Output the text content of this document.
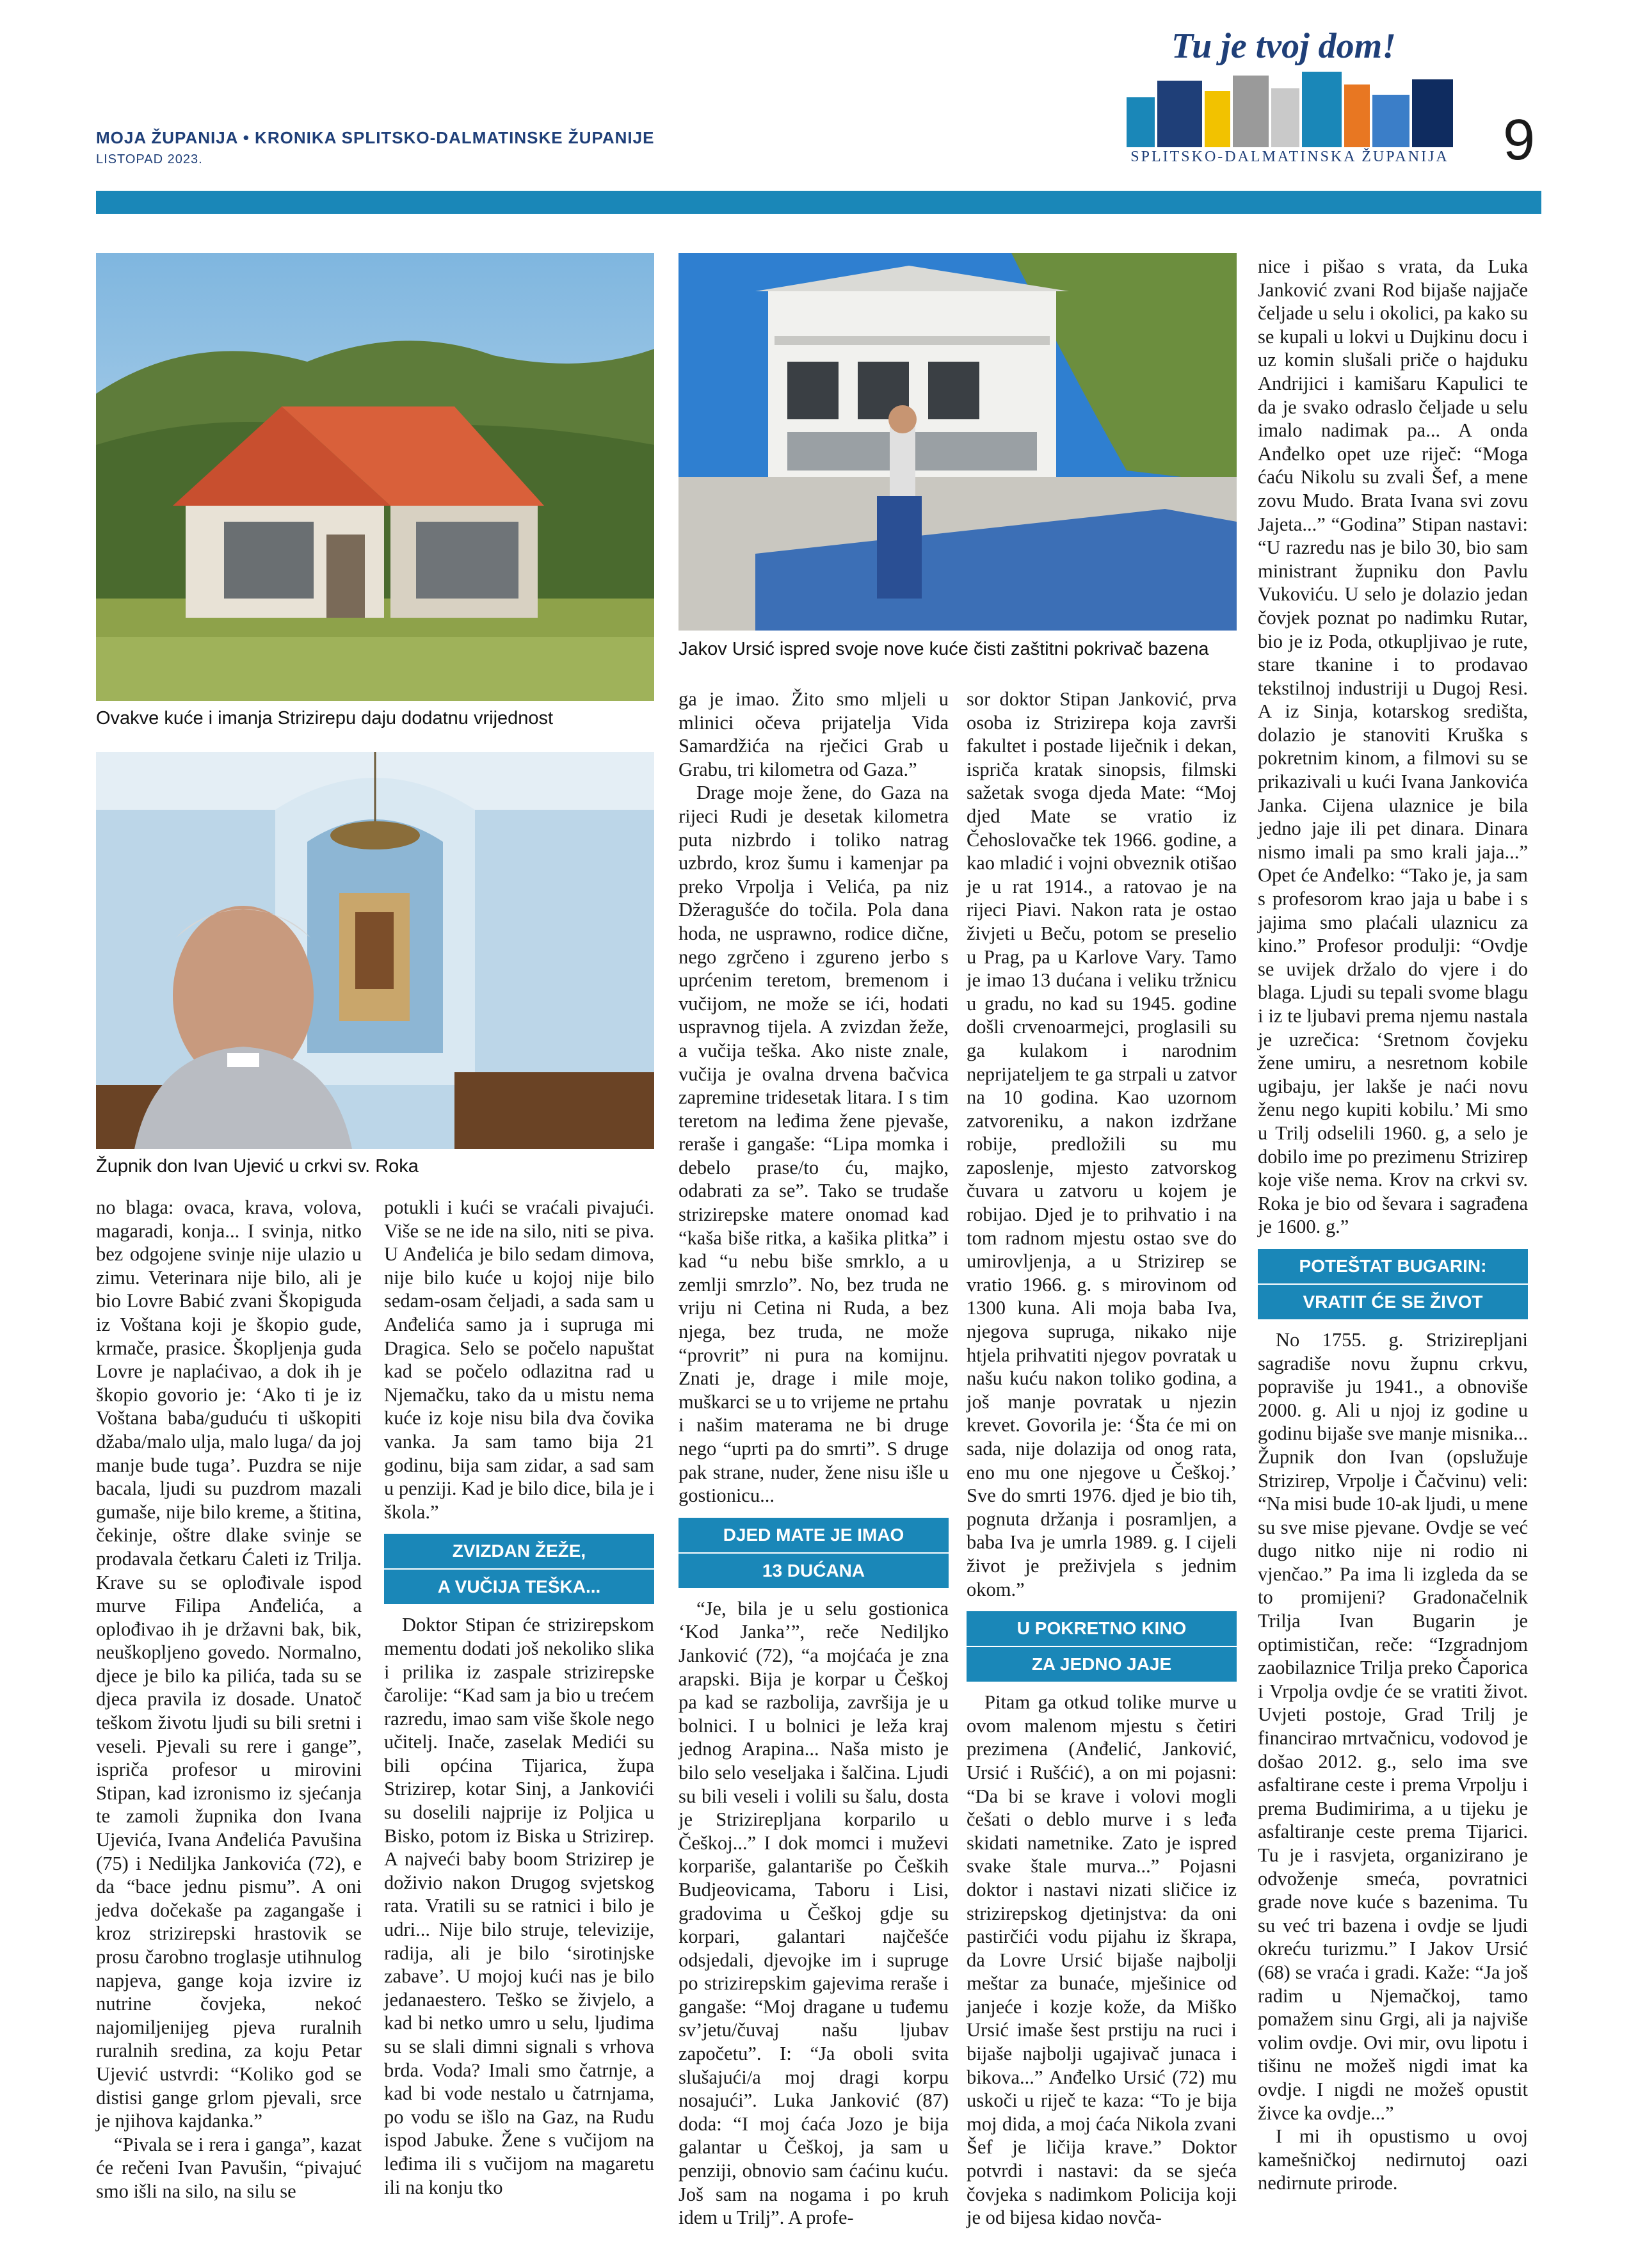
MOJA ŽUPANIJA • KRONIKA SPLITSKO-DALMATINSKE ŽUPANIJE
LISTOPAD 2023.
Tu je tvoj dom!
SPLITSKO-DALMATINSKA ŽUPANIJA 9
Ovakve kuće i imanja Strizirepu daju dodatnu vrijednost
Župnik don Ivan Ujević u crkvi sv. Roka
Jakov Ursić ispred svoje nove kuće čisti zaštitni pokrivač bazena

no blaga: ovaca, krava, volova, magaradi, konja... I svinja, nitko bez odgojene svinje nije ulazio u zimu. Veterinara nije bilo, ali je bio Lovre Babić zvani Škopiguda iz Voštana koji je škopio gude, krmače, prasice. Škopljenja guda Lovre je naplaćivao, a dok ih je škopio govorio je: ‘Ako ti je iz Voštana baba/guduću ti uškopiti džaba/malo ulja, malo luga/ da joj manje bude tuga’. Puzdra se nije bacala, ljudi su puzdrom mazali gumaše, nije bilo kreme, a štitina, čekinje, oštre dlake svinje se prodavala četkaru Ćaleti iz Trilja. Krave su se oplođivale ispod murve Filipa Anđelića, a oplođivao ih je državni bak, bik, neuškopljeno govedo. Normalno, djece je bilo ka pilića, tada su se djeca pravila iz dosade. Unatoč teškom životu ljudi su bili sretni i veseli. Pjevali su rere i gange”, ispriča profesor u mirovini Stipan, kad izronismo iz sjećanja te zamoli župnika don Ivana Ujevića, Ivana Anđelića Pavušina (75) i Nediljka Jankovića (72), e da “bace jednu pismu”. A oni jedva dočekaše pa zagangaše i kroz strizirepski hrastovik se prosu čarobno troglasje utihnulog napjeva, gange koja izvire iz nutrine čovjeka, nekoć najomiljenijeg pjeva ruralnih ruralnih sredina, za koju Petar Ujević ustvrdi: “Koliko god se distisi gange grlom pjevali, srce je njihova kajdanka.”

“Pivala se i rera i ganga”, kazat će rečeni Ivan Pavušin, “pivajuć smo išli na silo, na silu se

potukli i kući se vraćali pivajući. Više se ne ide na silo, niti se piva. U Anđelića je bilo sedam dimova, nije bilo kuće u kojoj nije bilo sedam-osam čeljadi, a sada sam u Anđelića samo ja i supruga mi Dragica. Selo se počelo napuštat kad se počelo odlazitna rad u Njemačku, tako da u mistu nema kuće iz koje nisu bila dva čovika vanka. Ja sam tamo bija 21 godinu, bija sam zidar, a sad sam u penziji. Kad je bilo dice, bila je i škola.”

ZVIZDAN ŽEŽE,
A VUČIJA TEŠKA...

Doktor Stipan će strizirepskom mementu dodati još nekoliko slika i prilika iz zaspale strizirepske čarolije: “Kad sam ja bio u trećem razredu, imao sam više škole nego učitelj. Inače, zaselak Medići su bili općina Tijarica, župa Strizirep, kotar Sinj, a Jankovići su doselili najprije iz Poljica u Bisko, potom iz Biska u Strizirep. A najveći baby boom Strizirep je doživio nakon Drugog svjetskog rata. Vratili su se ratnici i bilo je udri... Nije bilo struje, televizije, radija, ali je bilo ‘sirotinjske zabave’. U mojoj kući nas je bilo jedanaestero. Teško se živjelo, a kad bi netko umro u selu, ljudima su se slali dimni signali s vrhova brda. Voda? Imali smo čatrnje, a kad bi vode nestalo u čatrnjama, po vodu se išlo na Gaz, na Rudu ispod Jabuke. Žene s vučijom na leđima ili s vučijom na magaretu ili na konju tko

ga je imao. Žito smo mljeli u mlinici očeva prijatelja Vida Samardžića na rječici Grab u Grabu, tri kilometra od Gaza.”

Drage moje žene, do Gaza na rijeci Rudi je desetak kilometra puta nizbrdo i toliko natrag uzbrdo, kroz šumu i kamenjar pa preko Vrpolja i Velića, pa niz Džeragušće do točila. Pola dana hoda, ne usprawno, rodice dične, nego zgrčeno i zgureno jerbo s uprćenim teretom, bremenom i vučijom, ne može se ići, hodati uspravnog tijela. A zvizdan žeže, a vučija teška. Ako niste znale, vučija je ovalna drvena bačvica zapremine tridesetak litara. I s tim teretom na leđima žene pjevaše, reraše i gangaše: “Lipa momka i debelo prase/to ću, majko, odabrati za se”. Tako se trudaše strizirepske matere onomad kad “kaša biše ritka, a kašika plitka” i kad “u nebu biše smrklo, a u zemlji smrzlo”. No, bez truda ne vriju ni Cetina ni Ruda, a bez njega, bez truda, ne može “provrit” ni pura na komijnu. Znati je, drage i mile moje, muškarci se u to vrijeme ne prtahu i našim materama ne bi druge nego “uprti pa do smrti”. S druge pak strane, nuder, žene nisu išle u gostionicu...

DJED MATE JE IMAO
13 DUĆANA

“Je, bila je u selu gostionica ‘Kod Janka’”, reče Nediljko Janković (72), “a mojćaća je zna arapski. Bija je korpar u Češkoj pa kad se razbolija, završija je u bolnici. I u bolnici je leža kraj jednog Arapina... Naša misto je bilo selo veseljaka i šalčina. Ljudi su bili veseli i volili su šalu, dosta je Strizirepljana korparilo u Češkoj...” I dok momci i muževi korpariše, galantariše po Čeških Budjeovicama, Taboru i Lisi, gradovima u Češkoj gdje su korpari, galantari najčešće odsjedali, djevojke im i supruge po strizirepskim gajevima reraše i gangaše: “Moj dragane u tuđemu sv’jetu/čuvaj našu ljubav započetu”. I: “Ja oboli svita slušajući/a moj dragi korpu nosajući”. Luka Janković (87) doda: “I moj ćaća Jozo je bija galantar u Češkoj, ja sam u penziji, obnovio sam ćaćinu kuću. Još sam na nogama i po kruh idem u Trilj”. A profe-

sor doktor Stipan Janković, prva osoba iz Strizirepa koja završi fakultet i postade liječnik i dekan, ispriča kratak sinopsis, filmski sažetak svoga djeda Mate: “Moj djed Mate se vratio iz Čehoslovačke tek 1966. godine, a kao mladić i vojni obveznik otišao je u rat 1914., a ratovao je na rijeci Piavi. Nakon rata je ostao živjeti u Beču, potom se preselio u Prag, pa u Karlove Vary. Tamo je imao 13 dućana i veliku tržnicu u gradu, no kad su 1945. godine došli crvenoarmejci, proglasili su ga kulakom i narodnim neprijateljem te ga strpali u zatvor na 10 godina. Kao uzornom zatvoreniku, a nakon izdržane robije, predložili su mu zaposlenje, mjesto zatvorskog čuvara u zatvoru u kojem je robijao. Djed je to prihvatio i na tom radnom mjestu ostao sve do umirovljenja, a u Strizirep se vratio 1966. g. s mirovinom od 1300 kuna. Ali moja baba Iva, njegova supruga, nikako nije htjela prihvatiti njegov povratak u našu kuću nakon toliko godina, a još manje povratak u njezin krevet. Govorila je: ‘Šta će mi on sada, nije dolazija od onog rata, eno mu one njegove u Češkoj.’ Sve do smrti 1976. djed je bio tih, pognuta držanja i posramljen, a baba Iva je umrla 1989. g. I cijeli život je preživjela s jednim okom.”

U POKRETNO KINO
ZA JEDNO JAJE

Pitam ga otkud tolike murve u ovom malenom mjestu s četiri prezimena (Anđelić, Janković, Ursić i Rušćić), a on mi pojasni: “Da bi se krave i volovi mogli češati o deblo murve i s leđa skidati nametnike. Zato je ispred svake štale murva...” Pojasni doktor i nastavi nizati sličice iz strizirepskog djetinjstva: da oni pastirčići vodu pijahu iz škrapa, da Lovre Ursić bijaše najbolji meštar za bunaće, mješinice od janjeće i kozje kože, da Miško Ursić imaše šest prstiju na ruci i bijaše najbolji ugajivač junaca i bikova...” Anđelko Ursić (72) mu uskoči u riječ te kaza: “To je bija moj dida, a moj ćaća Nikola zvani Šef je ličija krave.” Doktor potvrdi i nastavi: da se sjeća čovjeka s nadimkom Policija koji je od bijesa kidao novča-

nice i pišao s vrata, da Luka Janković zvani Rod bijaše najjače čeljade u selu i okolici, pa kako su se kupali u lokvi u Dujkinu docu i uz komin slušali priče o hajduku Andrijici i kamišaru Kapulici te da je svako odraslo čeljade u selu imalo nadimak pa... A onda Anđelko opet uze riječ: “Moga ćaću Nikolu su zvali Šef, a mene zovu Mudo. Brata Ivana svi zovu Jajeta...” “Godina” Stipan nastavi: “U razredu nas je bilo 30, bio sam ministrant župniku don Pavlu Vukoviću. U selo je dolazio jedan čovjek poznat po nadimku Rutar, bio je iz Poda, otkupljivao je rute, stare tkanine i to prodavao tekstilnoj industriji u Dugoj Resi. A iz Sinja, kotarskog središta, dolazio je stanoviti Kruška s pokretnim kinom, a filmovi su se prikazivali u kući Ivana Jankovića Janka. Cijena ulaznice je bila jedno jaje ili pet dinara. Dinara nismo imali pa smo krali jaja...” Opet će Anđelko: “Tako je, ja sam s profesorom krao jaja u babe i s jajima smo plaćali ulaznicu za kino.” Profesor produlji: “Ovdje se uvijek držalo do vjere i do blaga. Ljudi su tepali svome blagu i iz te ljubavi prema njemu nastala je uzrečica: ‘Sretnom čovjeku žene umiru, a nesretnom kobile ugibaju, jer lakše je naći novu ženu nego kupiti kobilu.’ Mi smo u Trilj odselili 1960. g, a selo je dobilo ime po prezimenu Strizirep koje više nema. Krov na crkvi sv. Roka je bio od ševara i sagrađena je 1600. g.”

POTEŠTAT BUGARIN:
VRATIT ĆE SE ŽIVOT

No 1755. g. Strizirepljani sagradiše novu župnu crkvu, popraviše ju 1941., a obnoviše 2000. g. Ali u njoj iz godine u godinu bijaše sve manje misnika... Župnik don Ivan (opslužuje Strizirep, Vrpolje i Čačvinu) veli: “Na misi bude 10-ak ljudi, u mene su sve mise pjevane. Ovdje se već dugo nitko nije ni rodio ni vjenčao.” Pa ima li izgleda da se to promijeni? Gradonačelnik Trilja Ivan Bugarin je optimističan, reče: “Izgradnjom zaobilaznice Trilja preko Čaporica i Vrpolja ovdje će se vratiti život. Uvjeti postoje, Grad Trilj je financirao mrtvačnicu, vodovod je došao 2012. g., selo ima sve asfaltirane ceste i prema Vrpolju i prema Budimirima, a u tijeku je asfaltiranje ceste prema Tijarici. Tu je i rasvjeta, organizirano je odvoženje smeća, povratnici grade nove kuće s bazenima. Tu su već tri bazena i ovdje se ljudi okreću turizmu.” I Jakov Ursić (68) se vraća i gradi. Kaže: “Ja još radim u Njemačkoj, tamo pomažem sinu Grgi, ali ja najviše volim ovdje. Ovi mir, ovu lipotu i tišinu ne možeš nigdi imat ka ovdje. I nigdi ne možeš opustit živce ka ovdje...”

I mi ih opustismo u ovoj kamešničkoj nedirnutoj oazi nedirnute prirode.
